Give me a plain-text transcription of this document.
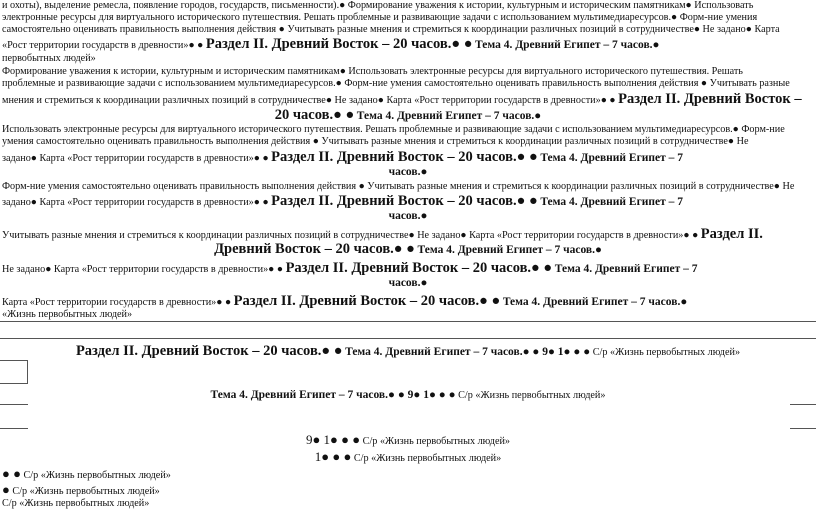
и охоты), выделение ремесла, появление городов, государств, письменности).● Формирование уважения к истории, культурным и историческим памятникам● Использовать
электронные ресурсы для виртуального исторического путешествия. Решать проблемные и развивающие задачи с использованием мультимедиаресурсов.● Форм-ние умения
самостоятельно оценивать правильность выполнения действия ● Учитывать разные мнения и стремиться к координации различных позиций в сотрудничестве● Не задано● Карта
«Рост территории государств в древности»● ● Раздел II. Древний Восток – 20 часов.● ● Тема 4. Древний Египет – 7 часов.●
первобытных людей»
Формирование уважения к истории, культурным и историческим памятникам● Использовать электронные ресурсы для виртуального исторического путешествия. Решать
проблемные и развивающие задачи с использованием мультимедиаресурсов.● Форм-ние умения самостоятельно оценивать правильность выполнения действия ● Учитывать разные
мнения и стремиться к координации различных позиций в сотрудничестве● Не задано● Карта «Рост территории государств в древности»● ● Раздел II. Древний Восток –
20 часов.● ● Тема 4. Древний Египет – 7 часов.●
Использовать электронные ресурсы для виртуального исторического путешествия. Решать проблемные и развивающие задачи с использованием мультимедиаресурсов.● Форм-ние
умения самостоятельно оценивать правильность выполнения действия ● Учитывать разные мнения и стремиться к координации различных позиций в сотрудничестве● Не
задано● Карта «Рост территории государств в древности»● ● Раздел II. Древний Восток – 20 часов.● ● Тема 4. Древний Египет – 7
часов.●
Форм-ние умения самостоятельно оценивать правильность выполнения действия ● Учитывать разные мнения и стремиться к координации различных позиций в сотрудничестве● Не
задано● Карта «Рост территории государств в древности»● ● Раздел II. Древний Восток – 20 часов.● ● Тема 4. Древний Египет – 7
часов.●
Учитывать разные мнения и стремиться к координации различных позиций в сотрудничестве● Не задано● Карта «Рост территории государств в древности»● ● Раздел II.
Древний Восток – 20 часов.● ● Тема 4. Древний Египет – 7 часов.●
Не задано● Карта «Рост территории государств в древности»● ● Раздел II. Древний Восток – 20 часов.● ● Тема 4. Древний Египет – 7
часов.●
Карта «Рост территории государств в древности»● ● Раздел II. Древний Восток – 20 часов.● ● Тема 4. Древний Египет – 7 часов.●
«Жизнь первобытных людей»
Раздел II. Древний Восток – 20 часов.● ● Тема 4. Древний Египет – 7 часов.● ● 9● 1● ● ● С/р «Жизнь первобытных людей»
Тема 4. Древний Египет – 7 часов.● ● 9● 1● ● ● С/р «Жизнь первобытных людей»
9● 1● ● ● С/р «Жизнь первобытных людей»
1● ● ● С/р «Жизнь первобытных людей»
● ● С/р «Жизнь первобытных людей»
● С/р «Жизнь первобытных людей»
С/р «Жизнь первобытных людей»
